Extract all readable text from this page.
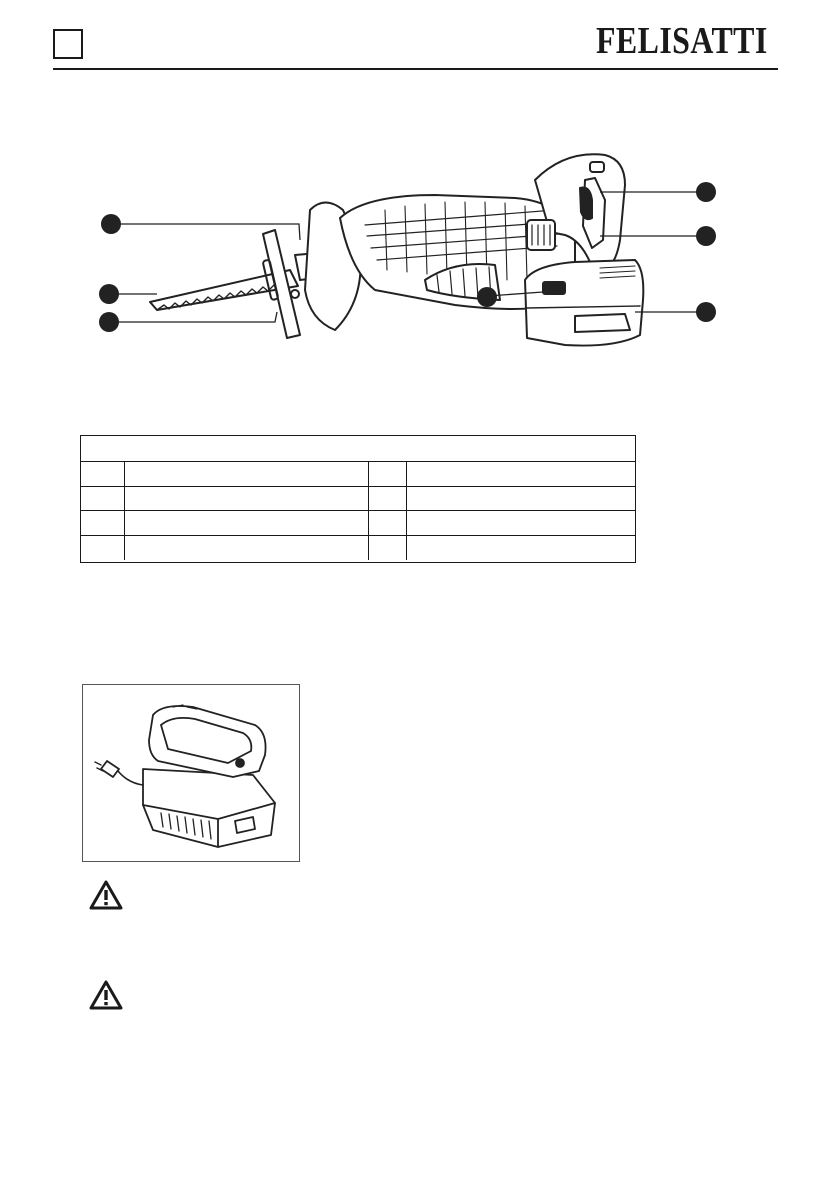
FELISATTI
